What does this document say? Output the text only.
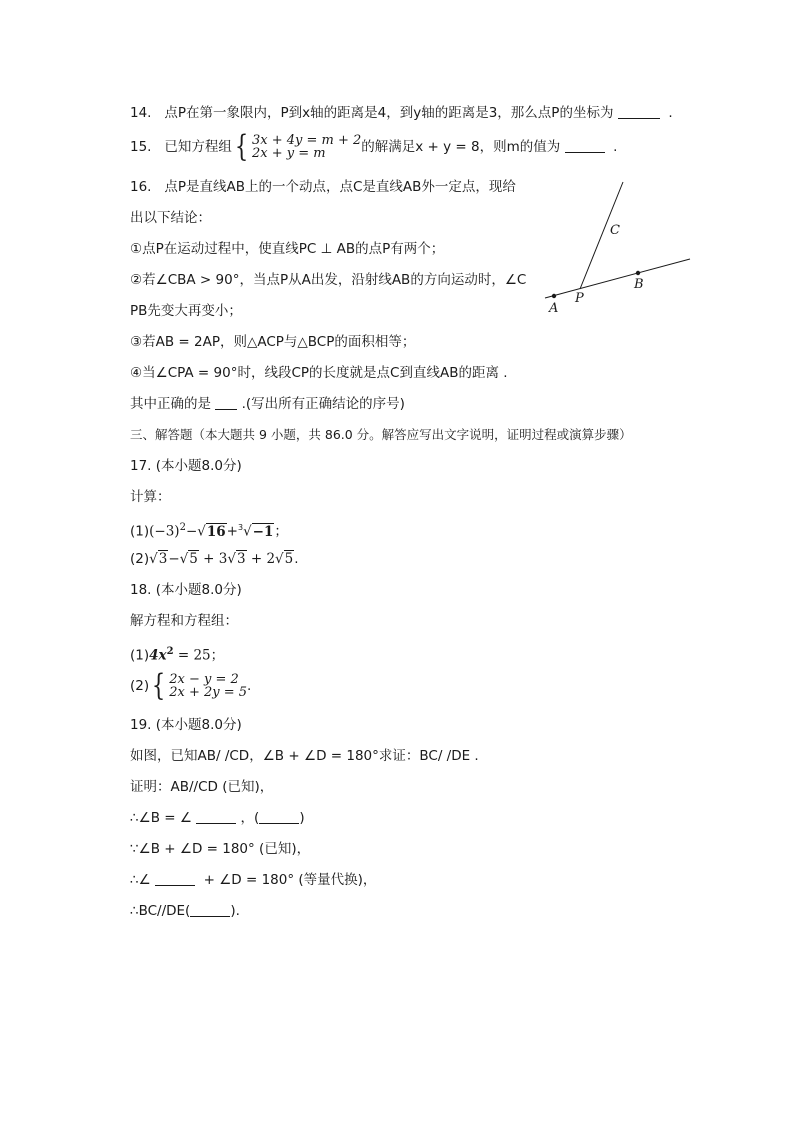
14. 点P在第一象限内，P到x轴的距离是4，到y轴的距离是3，那么点P的坐标为	.
15. 已知方程组 { 3x + 4y = m + 2
2x + y = m	的解满足x + y = 8，则m的值为	.
16. 点P是直线AB上的一个动点，点C是直线AB外一定点，现给
出以下结论：
①点P在运动过程中，使直线PC ⊥ AB的点P有两个；
②若∠CBA > 90°，当点P从A出发，沿射线AB的方向运动时，∠C
PB先变大再变小；
③若AB = 2AP，则△ACP与△BCP的面积相等；
④当∠CPA = 90°时，线段CP的长度就是点C到直线AB的距离 .
其中正确的是 .(写出所有正确结论的序号)
A
P
B
C
三、解答题（本大题共 9 小题，共 86.0 分。解答应写出文字说明，证明过程或演算步骤）
17. (本小题8.0分)
计算：
$(1)(-3)^2-√16+^3√-1$；
(2)√3−√5 + 3√3 + 2√5.
18. (本小题8.0分)
解方程和方程组：
$(1)4x^2 = 25$；
(2) { 2x − y = 2
2x + 2y = 5 .
19. (本小题8.0分)
如图，已知AB/ /CD，∠B + ∠D = 180°求证：BC/ /DE .
证明：AB//CD (已知)，
∴∠B = ∠	，(	)
∵∠B + ∠D = 180° (已知)，
∴∠	+ ∠D = 180° (等量代换)，
∴BC//DE(	).
